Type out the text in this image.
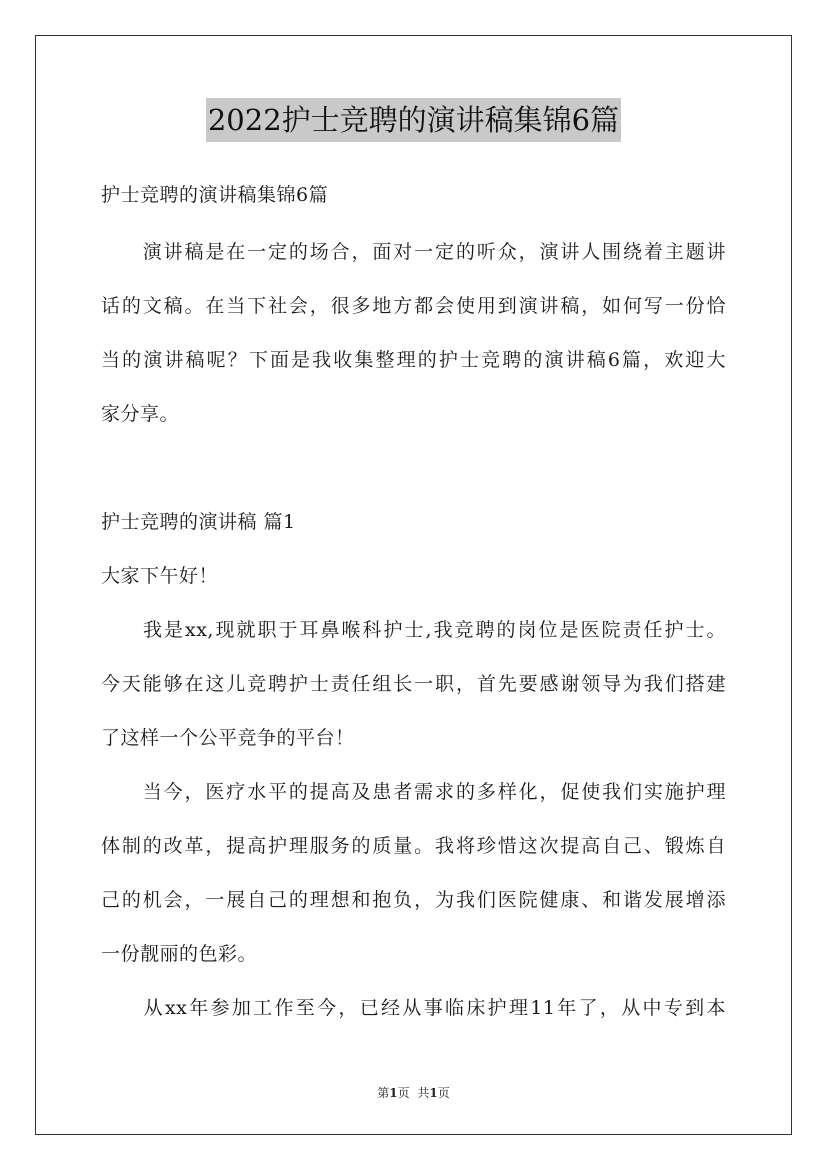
2022护士竞聘的演讲稿集锦6篇
护士竞聘的演讲稿集锦6篇
　　演讲稿是在一定的场合，面对一定的听众，演讲人围绕着主题讲
话的文稿。在当下社会，很多地方都会使用到演讲稿，如何写一份恰
当的演讲稿呢？下面是我收集整理的护士竞聘的演讲稿6篇，欢迎大
家分享。
护士竞聘的演讲稿 篇1
大家下午好！
　　我是xx,现就职于耳鼻喉科护士,我竞聘的岗位是医院责任护士。
今天能够在这儿竞聘护士责任组长一职，首先要感谢领导为我们搭建
了这样一个公平竞争的平台！
　　当今，医疗水平的提高及患者需求的多样化，促使我们实施护理
体制的改革，提高护理服务的质量。我将珍惜这次提高自己、锻炼自
己的机会，一展自己的理想和抱负，为我们医院健康、和谐发展增添
一份靓丽的色彩。
　　从xx年参加工作至今，已经从事临床护理11年了，从中专到本
第1页 共1页
